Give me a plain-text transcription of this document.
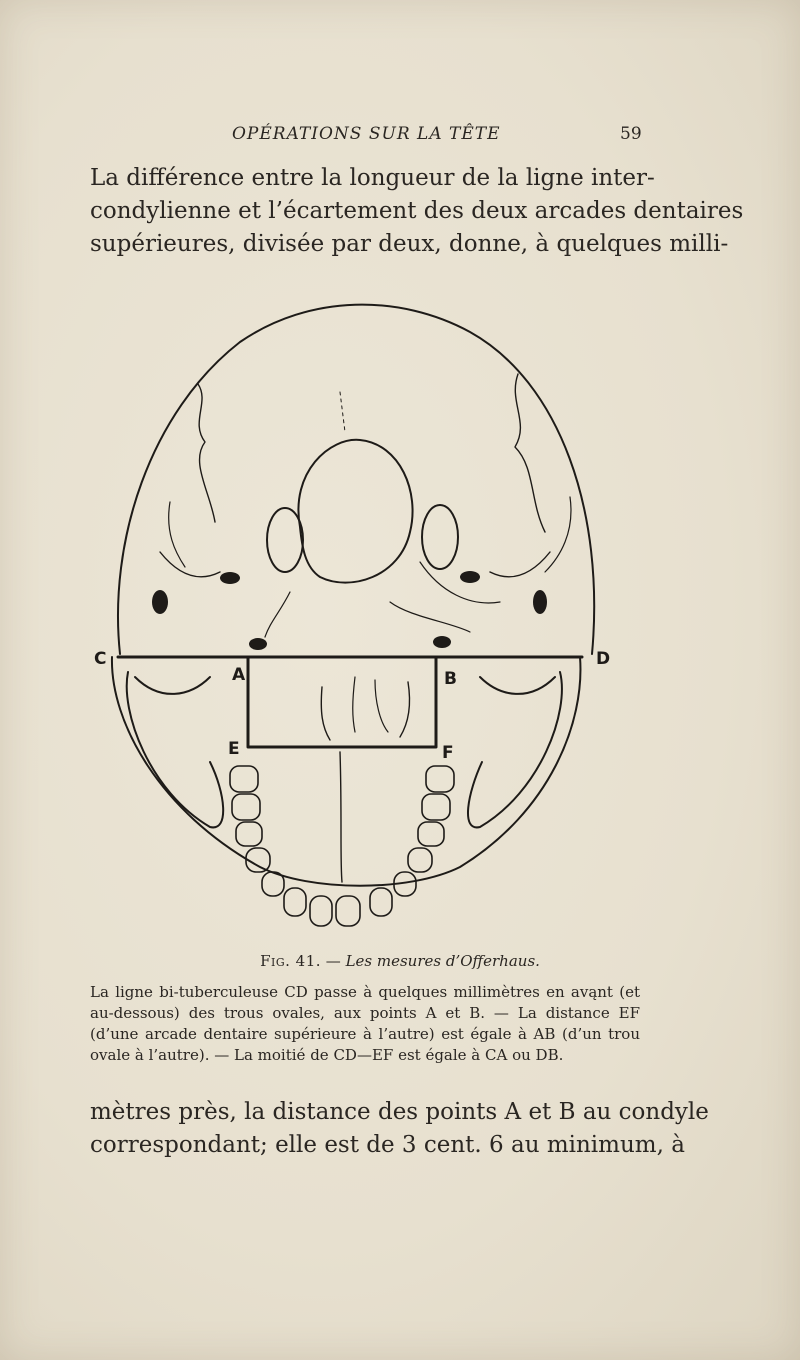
OPÉRATIONS SUR LA TÊTE	59
La différence entre la longueur de la ligne inter-
condylienne et l’écartement des deux arcades dentaires
supérieures, divisée par deux, donne, à quelques milli-
C	D
A	B
E	F
Fig. 41. — Les mesures d’Offerhaus.
La ligne bi-tuberculeuse CD passe à quelques millimètres en avąnt (et
au-dessous) des trous ovales, aux points A et B. — La distance EF
(d’une arcade dentaire supérieure à l’autre) est égale à AB (d’un trou
ovale à l’autre). — La moitié de CD—EF est égale à CA ou DB.
mètres près, la distance des points A et B au condyle
correspondant; elle est de 3 cent. 6 au minimum, à
